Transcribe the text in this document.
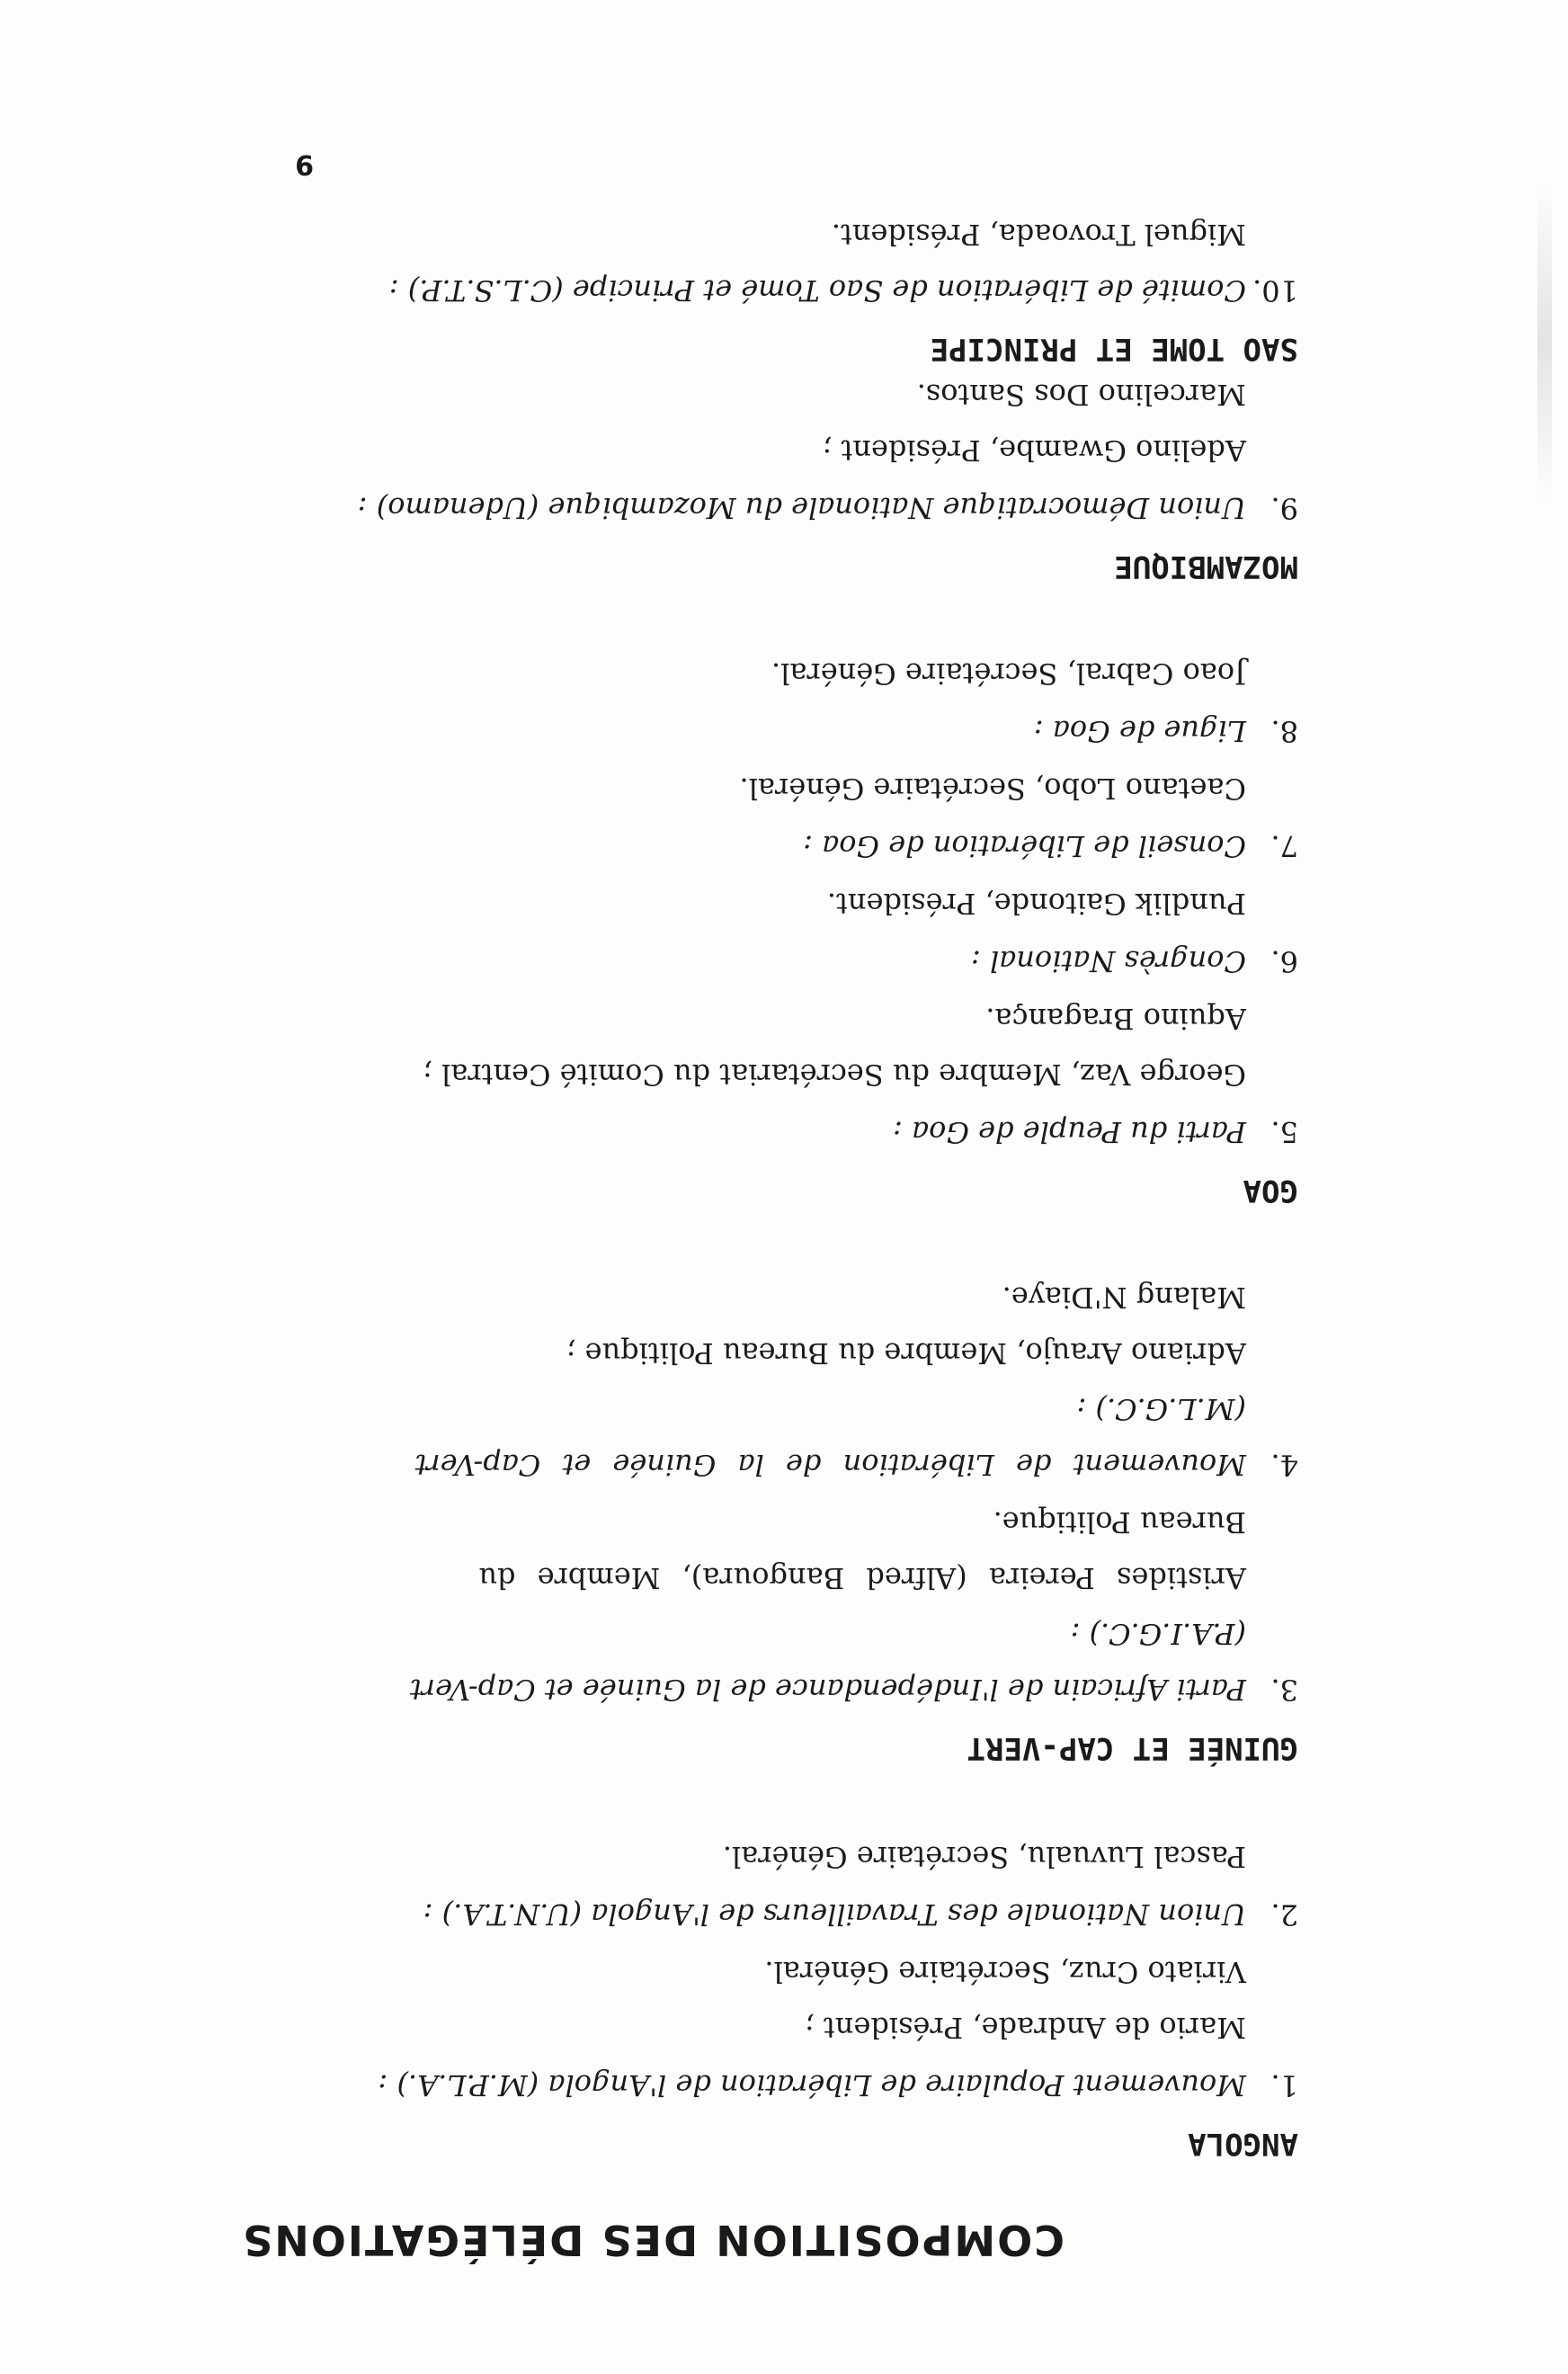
COMPOSITION DES DÉLÉGATIONS
ANGOLA
1.Mouvement Populaire de Libération de l'Angola (M.P.L.A.) :
Mario de Andrade, Président ;
Viriato Cruz, Secrétaire Général.
2.Union Nationale des Travailleurs de l'Angola (U.N.T.A.) :
Pascal Luvualu, Secrétaire Général.
GUINÉE ET CAP-VERT
3.Parti Africain de l'Indépendance de la Guinée et Cap-Vert
(P.A.I.G.C.) :
Aristides Pereira (Alfred Bangoura), Membre du
Bureau Politique.
4.Mouvement de Libération de la Guinée et Cap-Vert
(M.L.G.C.) :
Adriano Araujo, Membre du Bureau Politique ;
Malang N'Diaye.
GOA
5.Parti du Peuple de Goa :
George Vaz, Membre du Secrétariat du Comité Central ;
Aquino Bragança.
6.Congrès National :
Pundlik Gaitonde, Président.
7.Conseil de Libération de Goa :
Caetano Lobo, Secrétaire Général.
8.Ligue de Goa :
Joao Cabral, Secrétaire Général.
MOZAMBIQUE
9.Union Démocratique Nationale du Mozambique (Udenamo) :
Adelino Gwambe, Président ;
Marcelino Dos Santos.
SAO TOME ET PRINCIPE
10.Comité de Libération de Sao Tomé et Principe (C.L.S.T.P.) :
Miguel Trovoada, Président.
9
